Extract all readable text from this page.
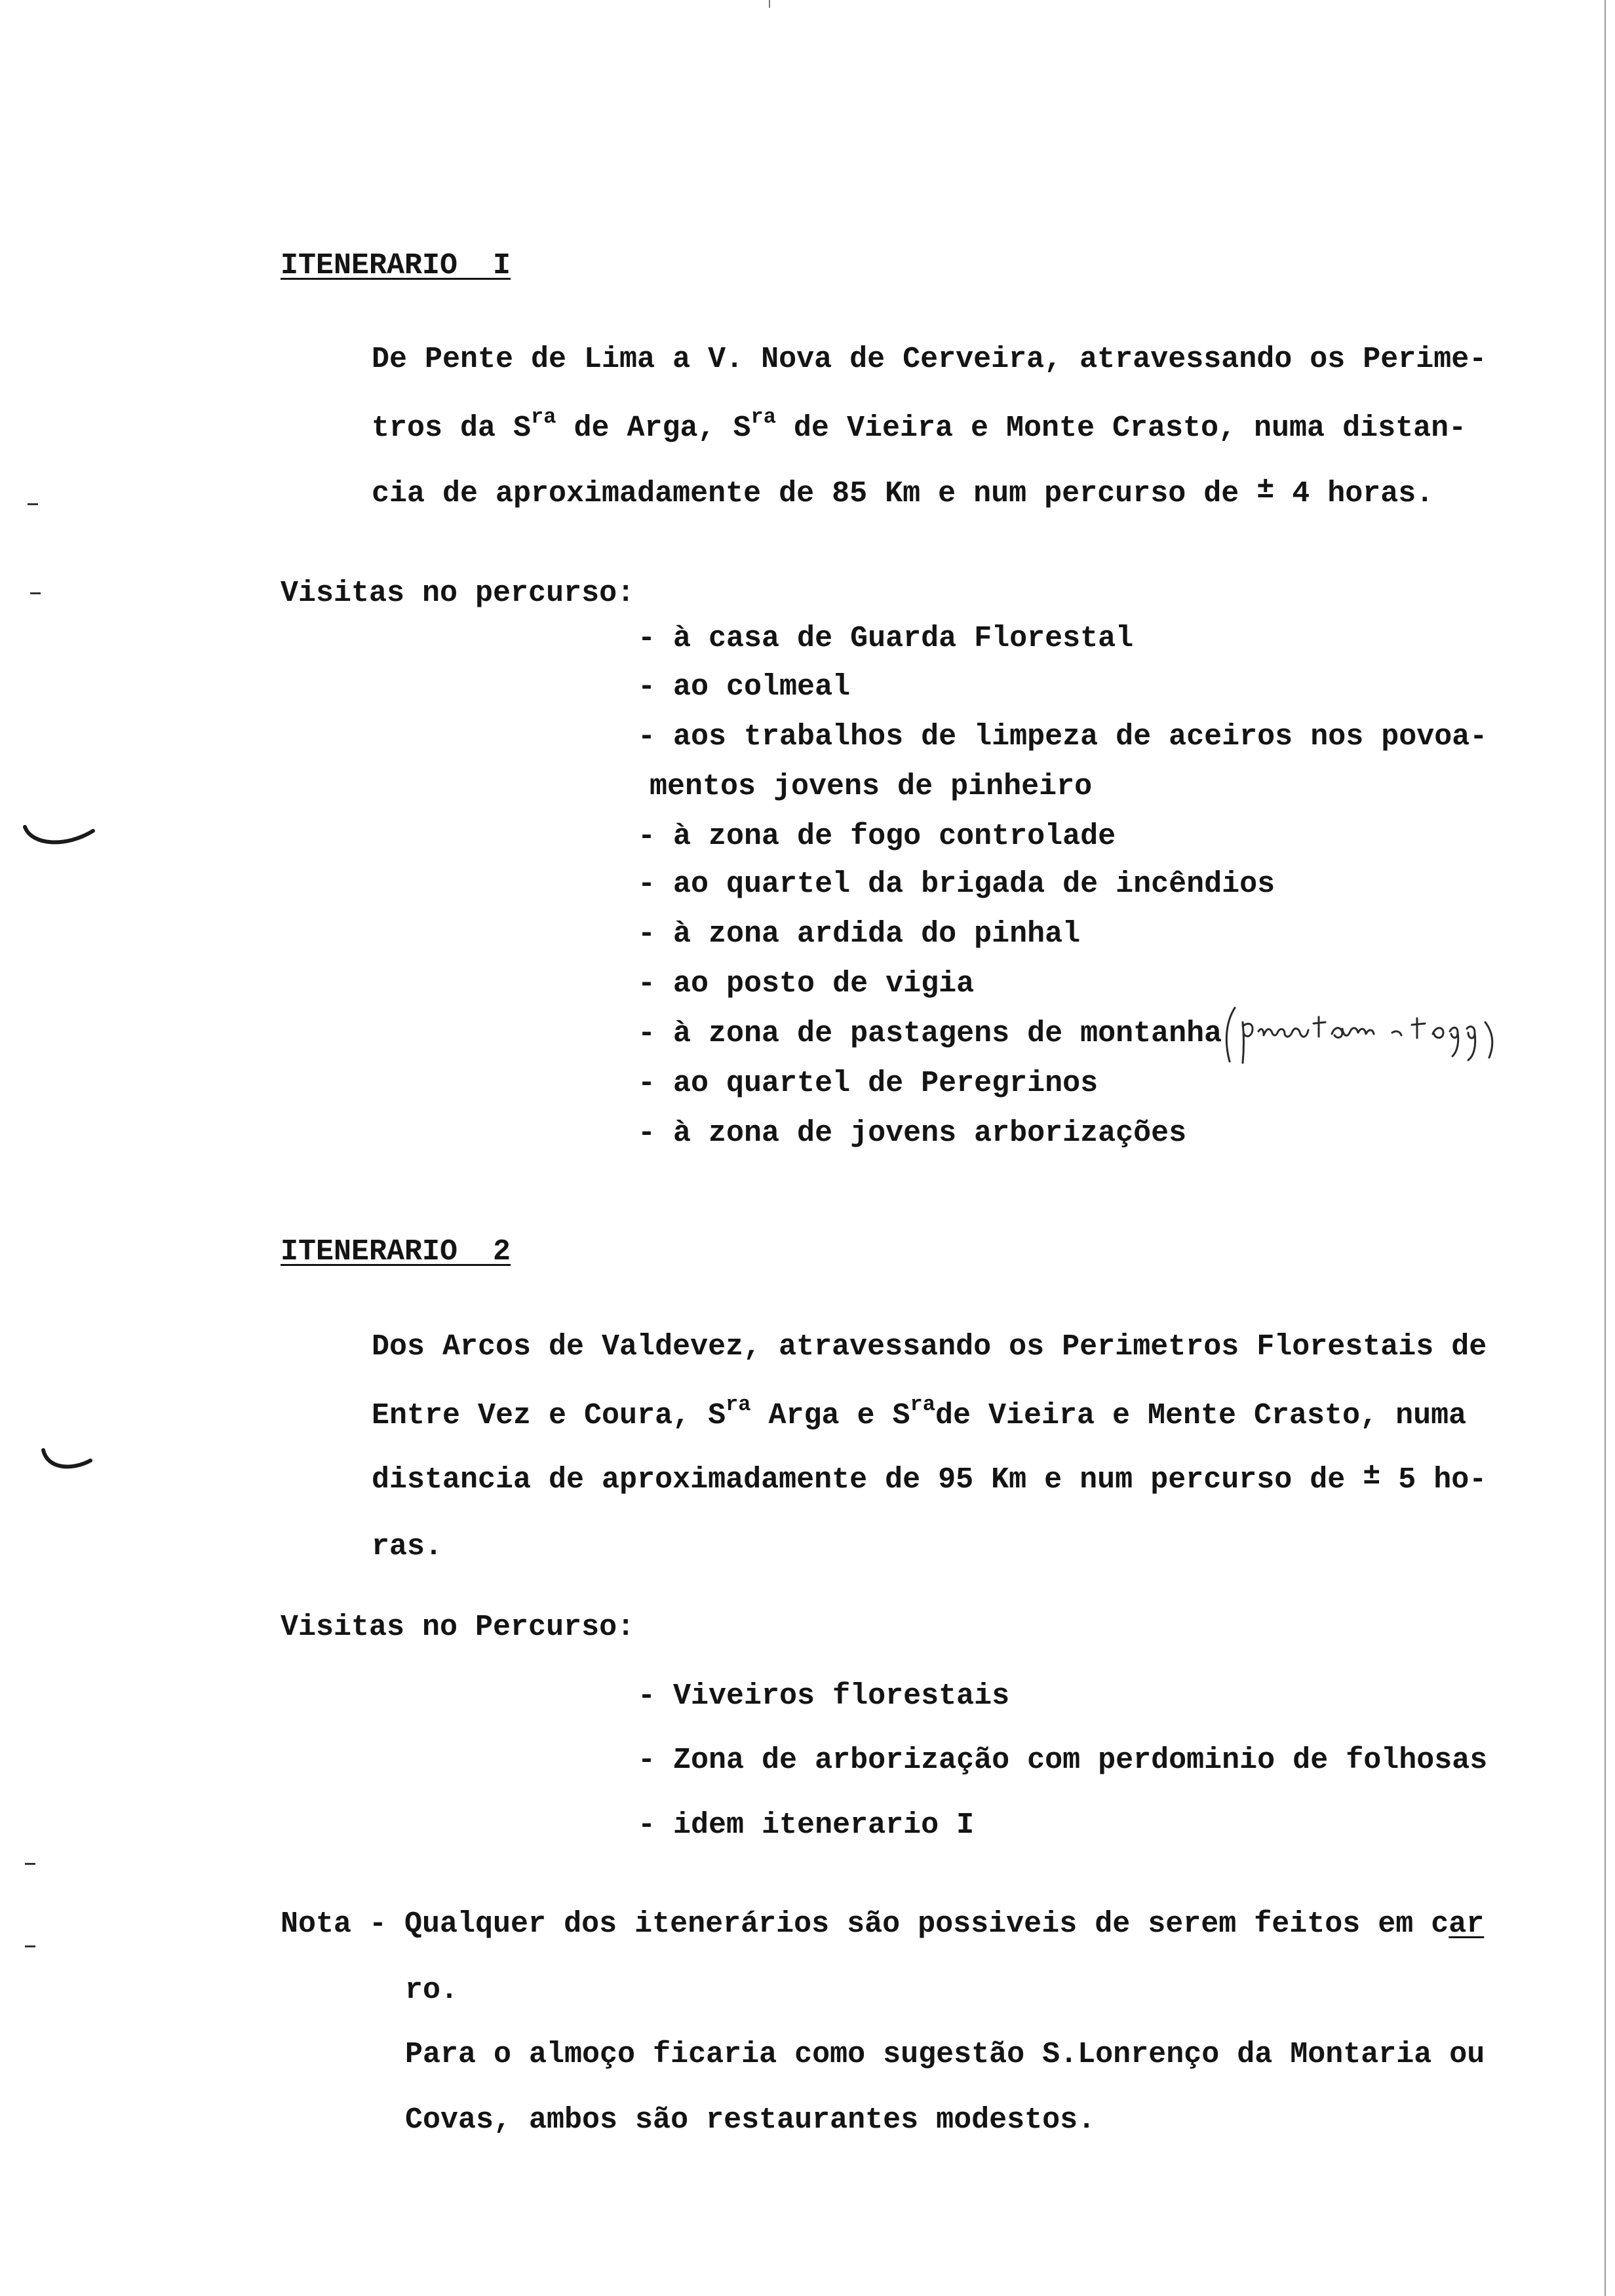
ITENERARIO  I
De Pente de Lima a V. Nova de Cerveira, atravessando os Perime-
tros da $S^{ra}$ de Arga, $S^{ra}$ de Vieira e Monte Crasto, numa distan-
cia de aproximadamente de 85 Km e num percurso de ± 4 horas.
Visitas no percurso:
- à casa de Guarda Florestal
- ao colmeal
- aos trabalhos de limpeza de aceiros nos povoa-
mentos jovens de pinheiro
- à zona de fogo controlade
- ao quartel da brigada de incêndios
- à zona ardida do pinhal
- ao posto de vigia
- à zona de pastagens de montanha
- ao quartel de Peregrinos
- à zona de jovens arborizações
ITENERARIO  2
Dos Arcos de Valdevez, atravessando os Perimetros Florestais de
Entre Vez e Coura, $S^{ra}$ Arga e $S^{ra}de$ Vieira e Mente Crasto, numa
distancia de aproximadamente de 95 Km e num percurso de ± 5 ho-
ras.
Visitas no Percurso:
- Viveiros florestais
- Zona de arborização com perdominio de folhosas
- idem itenerario I
Nota - Qualquer dos itenerários são possiveis de serem feitos em car
ro.
Para o almoço ficaria como sugestão S.Lonrenço da Montaria ou
Covas, ambos são restaurantes modestos.
